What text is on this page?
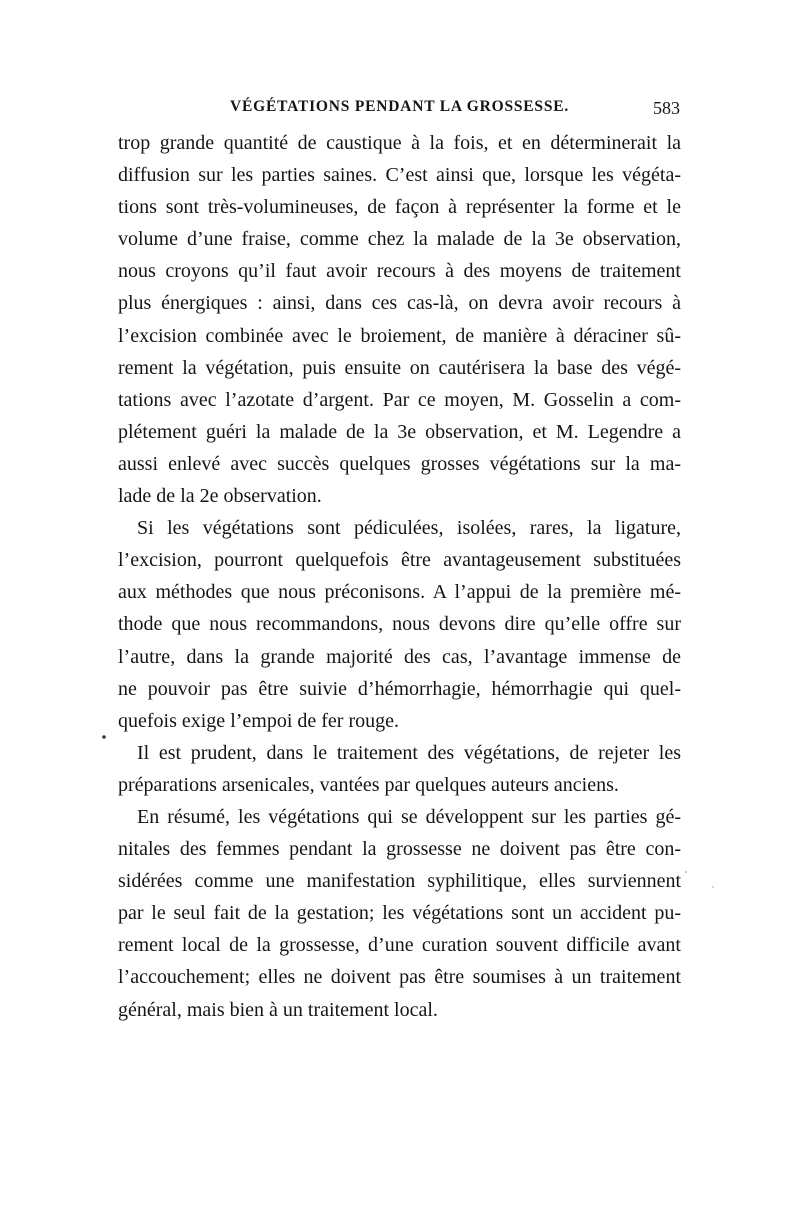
VÉGÉTATIONS PENDANT LA GROSSESSE.	583
trop grande quantité de caustique à la fois, et en déterminerait la
diffusion sur les parties saines. C’est ainsi que, lorsque les végéta-
tions sont très-volumineuses, de façon à représenter la forme et le
volume d’une fraise, comme chez la malade de la 3e observation,
nous croyons qu’il faut avoir recours à des moyens de traitement
plus énergiques : ainsi, dans ces cas-là, on devra avoir recours à
l’excision combinée avec le broiement, de manière à déraciner sû-
rement la végétation, puis ensuite on cautérisera la base des végé-
tations avec l’azotate d’argent. Par ce moyen, M. Gosselin a com-
plétement guéri la malade de la 3e observation, et M. Legendre a
aussi enlevé avec succès quelques grosses végétations sur la ma-
lade de la 2e observation.
Si les végétations sont pédiculées, isolées, rares, la ligature,
l’excision, pourront quelquefois être avantageusement substituées
aux méthodes que nous préconisons. A l’appui de la première mé-
thode que nous recommandons, nous devons dire qu’elle offre sur
l’autre, dans la grande majorité des cas, l’avantage immense de
ne pouvoir pas être suivie d’hémorrhagie, hémorrhagie qui quel-
quefois exige l’empoi de fer rouge.
Il est prudent, dans le traitement des végétations, de rejeter les
préparations arsenicales, vantées par quelques auteurs anciens.
En résumé, les végétations qui se développent sur les parties gé-
nitales des femmes pendant la grossesse ne doivent pas être con-
sidérées comme une manifestation syphilitique, elles surviennent
par le seul fait de la gestation; les végétations sont un accident pu-
rement local de la grossesse, d’une curation souvent difficile avant
l’accouchement; elles ne doivent pas être soumises à un traitement
général, mais bien à un traitement local.
